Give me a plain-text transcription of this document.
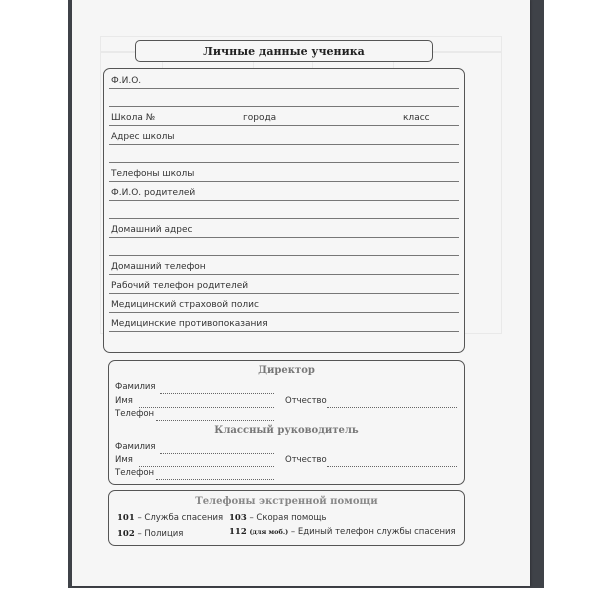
Личные данные ученика
Ф.И.О.
Школа №	города	класс
Адрес школы
Телефоны школы
Ф.И.О. родителей
Домашний адрес
Домашний телефон
Рабочий телефон родителей
Медицинский страховой полис
Медицинские противопоказания
Директор
Фамилия
Имя	Отчество
Телефон
Классный руководитель
Фамилия
Имя	Отчество
Телефон
Телефоны экстренной помощи
101 – Служба спасения 103 – Скорая помощь
102 – Полиция	112 (для моб.) – Единый телефон службы спасения
